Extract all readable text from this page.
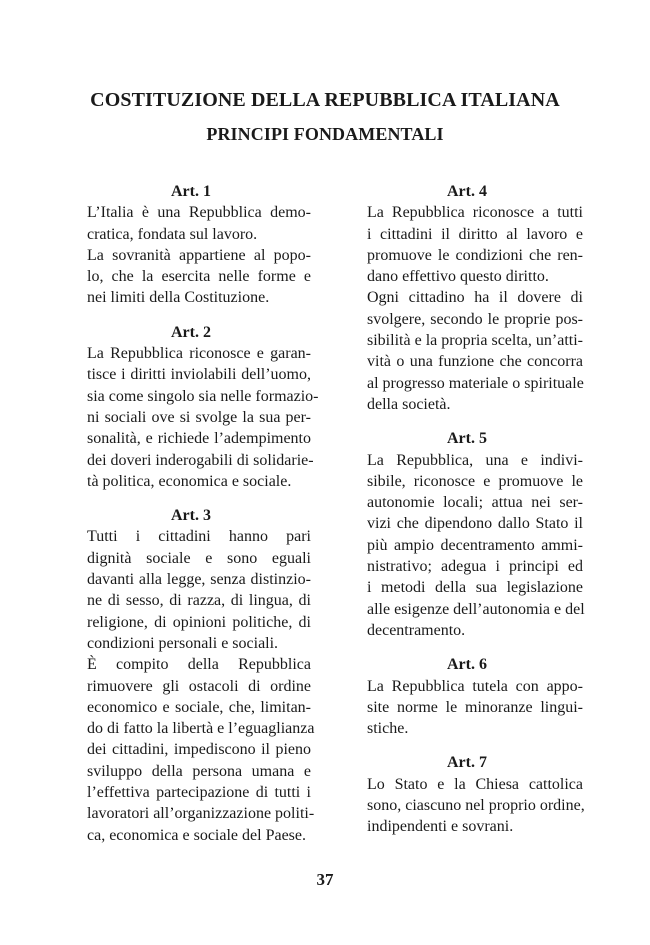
COSTITUZIONE DELLA REPUBBLICA ITALIANA
PRINCIPI FONDAMENTALI
Art. 1
L’Italia è una Repubblica demo-
cratica, fondata sul lavoro.
La sovranità appartiene al popo-
lo, che la esercita nelle forme e
nei limiti della Costituzione.
Art. 2
La Repubblica riconosce e garan-
tisce i diritti inviolabili dell’uomo,
sia come singolo sia nelle formazio-
ni sociali ove si svolge la sua per-
sonalità, e richiede l’adempimento
dei doveri inderogabili di solidarie-
tà politica, economica e sociale.
Art. 3
Tutti i cittadini hanno pari
dignità sociale e sono eguali
davanti alla legge, senza distinzio-
ne di sesso, di razza, di lingua, di
religione, di opinioni politiche, di
condizioni personali e sociali.
È compito della Repubblica
rimuovere gli ostacoli di ordine
economico e sociale, che, limitan-
do di fatto la libertà e l’eguaglianza
dei cittadini, impediscono il pieno
sviluppo della persona umana e
l’effettiva partecipazione di tutti i
lavoratori all’organizzazione politi-
ca, economica e sociale del Paese.
Art. 4
La Repubblica riconosce a tutti
i cittadini il diritto al lavoro e
promuove le condizioni che ren-
dano effettivo questo diritto.
Ogni cittadino ha il dovere di
svolgere, secondo le proprie pos-
sibilità e la propria scelta, un’atti-
vità o una funzione che concorra
al progresso materiale o spirituale
della società.
Art. 5
La Repubblica, una e indivi-
sibile, riconosce e promuove le
autonomie locali; attua nei ser-
vizi che dipendono dallo Stato il
più ampio decentramento ammi-
nistrativo; adegua i principi ed
i metodi della sua legislazione
alle esigenze dell’autonomia e del
decentramento.
Art. 6
La Repubblica tutela con appo-
site norme le minoranze lingui-
stiche.
Art. 7
Lo Stato e la Chiesa cattolica
sono, ciascuno nel proprio ordine,
indipendenti e sovrani.
37
